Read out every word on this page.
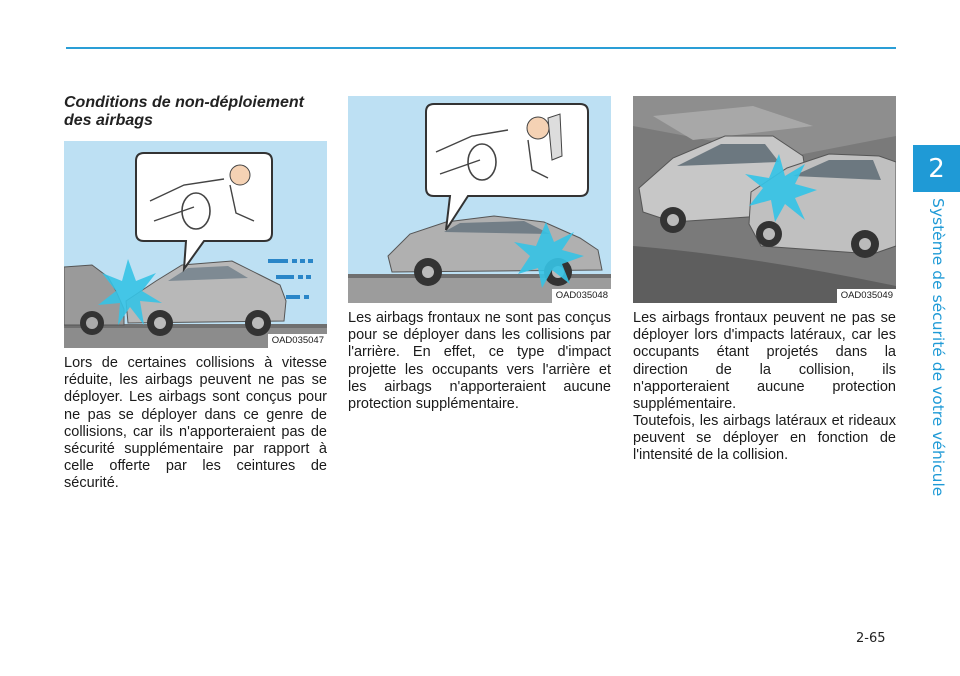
2
Système de sécurité de votre véhicule
Conditions de non-déploiement des airbags
OAD035047
OAD035048	OAD035049

Lors de certaines collisions à vitesse réduite, les airbags peuvent ne pas se déployer. Les airbags sont conçus pour ne pas se déployer dans ce genre de collisions, car ils n'apporteraient pas de sécurité supplémentaire par rapport à celle offerte par les ceintures de sécurité.

Les airbags frontaux ne sont pas conçus pour se déployer dans les collisions par l'arrière. En effet, ce type d'impact projette les occupants vers l'arrière et les airbags n'apporteraient aucune protection supplémentaire.

Les airbags frontaux peuvent ne pas se déployer lors d'impacts latéraux, car les occupants étant projetés dans la direction de la collision, ils n'apporteraient aucune protection supplémentaire.

Toutefois, les airbags latéraux et rideaux peuvent se déployer en fonction de l'intensité de la collision.

2-65
